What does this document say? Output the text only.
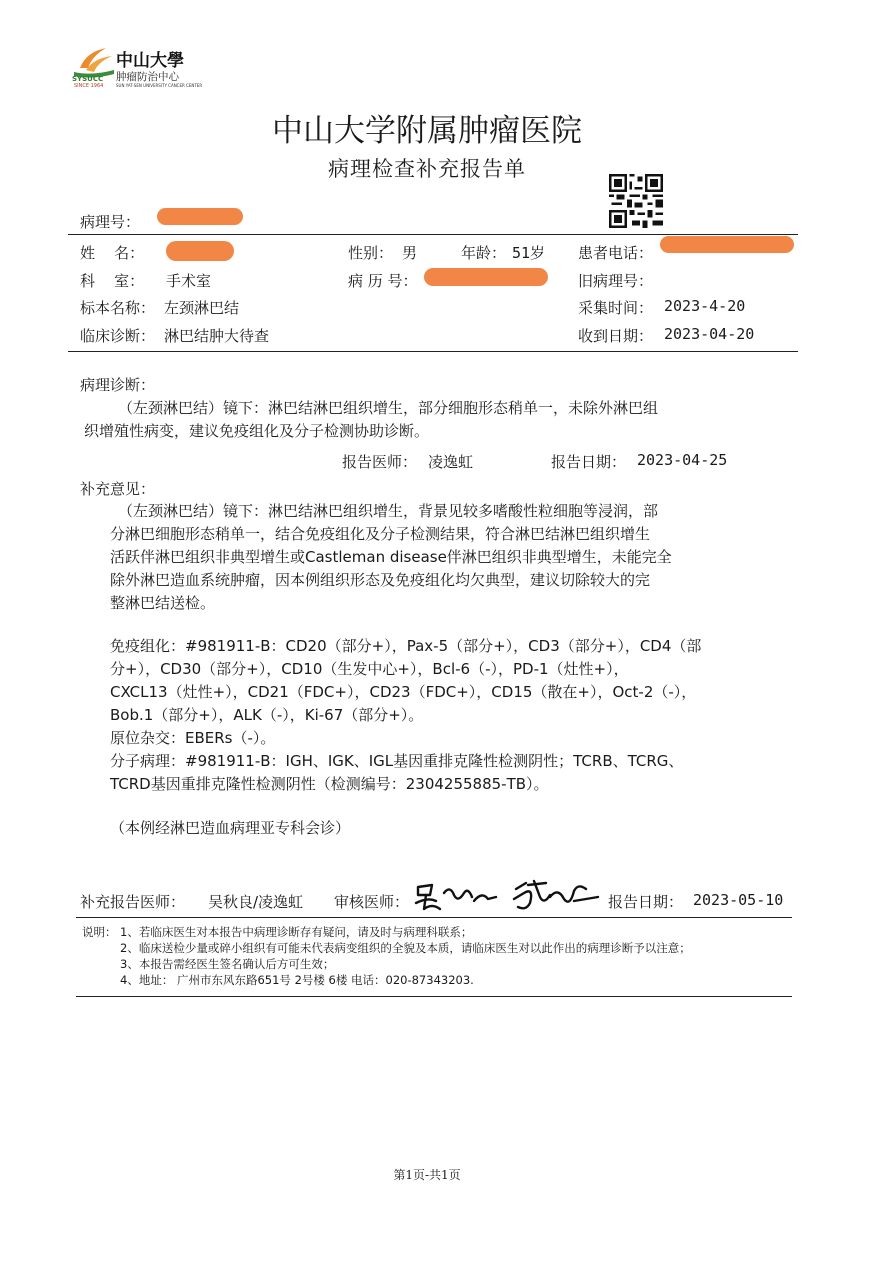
SYSUCC
SINCE 1964
中山大學
肿瘤防治中心
SUN YAT-SEN UNIVERSITY CANCER CENTER
中山大学附属肿瘤医院
病理检查补充报告单
病理号：
姓    名：	性别： 男	年龄： 51岁 患者电话：
科    室： 手术室	病 历 号：	旧病理号：
标本名称： 左颈淋巴结	采集时间： 2023-4-20
临床诊断： 淋巴结肿大待查	收到日期： 2023-04-20
病理诊断：
（左颈淋巴结）镜下：淋巴结淋巴组织增生，部分细胞形态稍单一，未除外淋巴组
织增殖性病变，建议免疫组化及分子检测协助诊断。
报告医师： 凌逸虹	报告日期： 2023-04-25
补充意见：
（左颈淋巴结）镜下：淋巴结淋巴组织增生，背景见较多嗜酸性粒细胞等浸润，部
分淋巴细胞形态稍单一，结合免疫组化及分子检测结果，符合淋巴结淋巴组织增生
活跃伴淋巴组织非典型增生或Castleman disease伴淋巴组织非典型增生，未能完全
除外淋巴造血系统肿瘤，因本例组织形态及免疫组化均欠典型，建议切除较大的完
整淋巴结送检。
免疫组化：#981911-B：CD20（部分+），Pax-5（部分+），CD3（部分+），CD4（部
分+），CD30（部分+），CD10（生发中心+），Bcl-6（-），PD-1（灶性+），
CXCL13（灶性+），CD21（FDC+），CD23（FDC+），CD15（散在+），Oct-2（-），
Bob.1（部分+），ALK（-），Ki-67（部分+）。
原位杂交：EBERs（-）。
分子病理：#981911-B：IGH、IGK、IGL基因重排克隆性检测阴性；TCRB、TCRG、
TCRD基因重排克隆性检测阴性（检测编号：2304255885-TB）。
（本例经淋巴造血病理亚专科会诊）
补充报告医师： 吴秋良/凌逸虹 审核医师：	报告日期： 2023-05-10
说明： 1、若临床医生对本报告中病理诊断存有疑问，请及时与病理科联系；
2、临床送检少量或碎小组织有可能未代表病变组织的全貌及本质，请临床医生对以此作出的病理诊断予以注意；
3、本报告需经医生签名确认后方可生效；
4、地址： 广州市东风东路651号 2号楼 6楼 电话：020-87343203.
第1页-共1页
